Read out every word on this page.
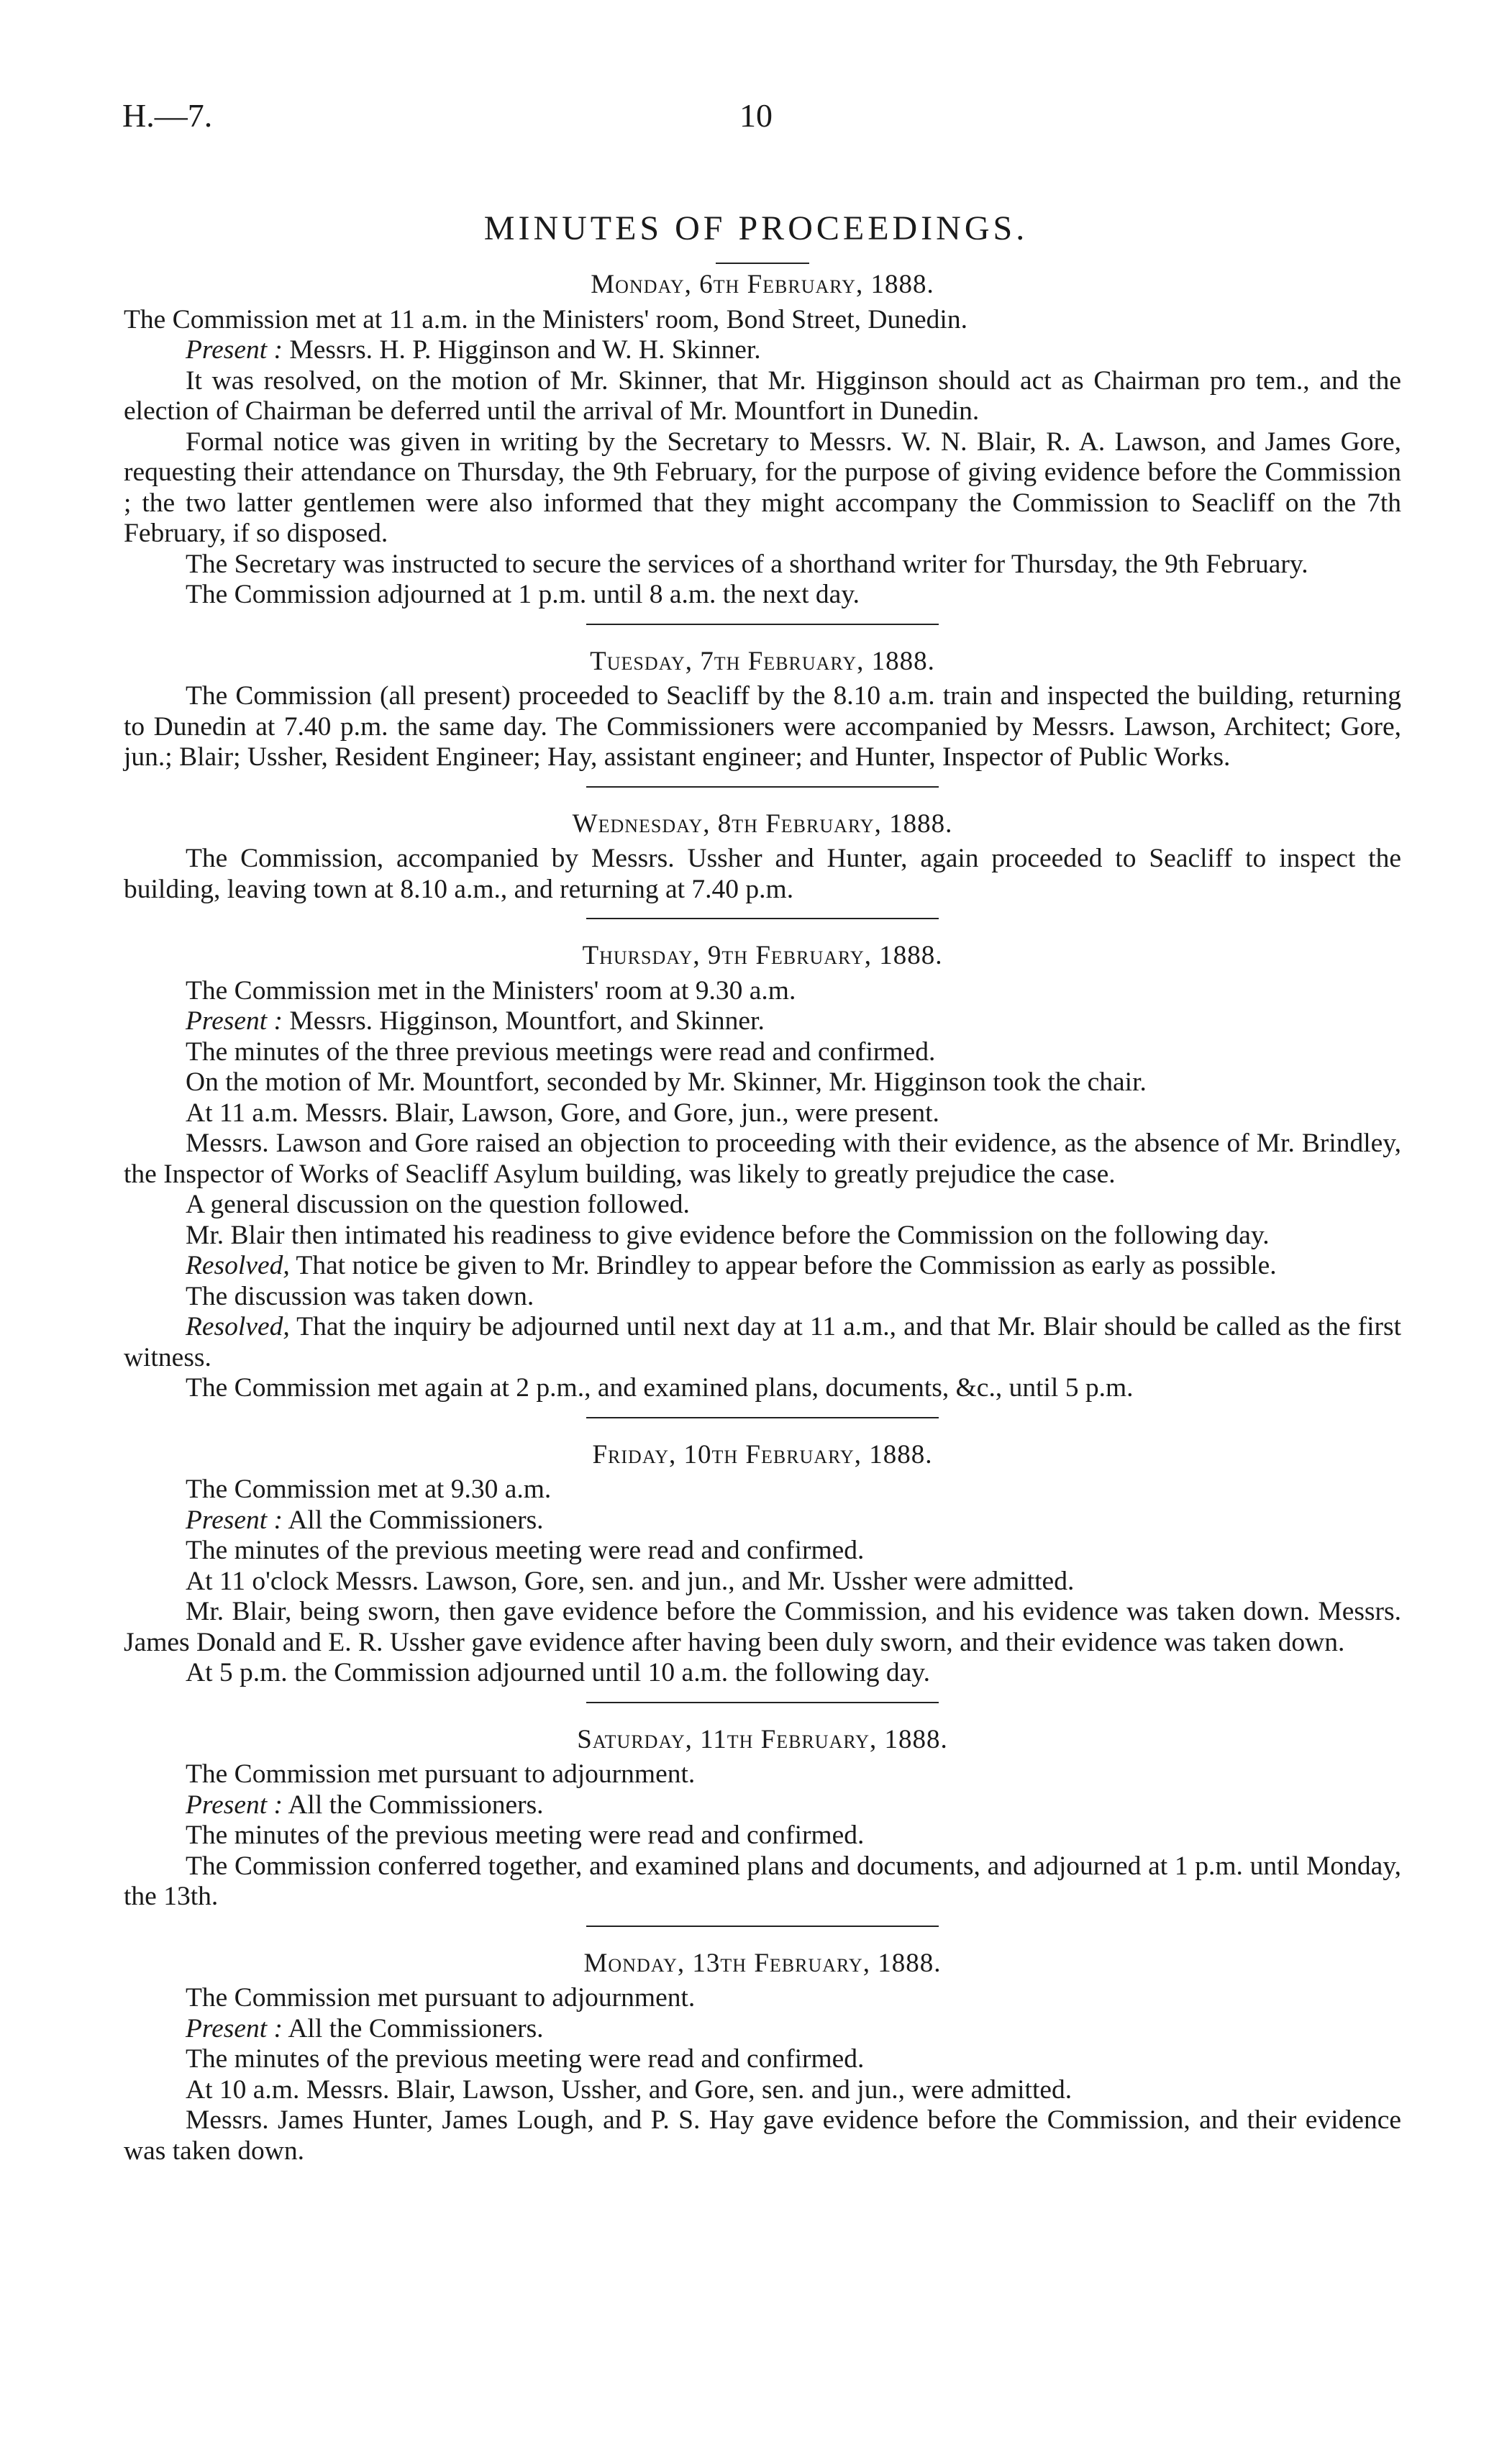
H.—7.	10
MINUTES OF PROCEEDINGS.
Monday, 6th February, 1888.

The Commission met at 11 a.m. in the Ministers' room, Bond Street, Dunedin.

Present : Messrs. H. P. Higginson and W. H. Skinner.

It was resolved, on the motion of Mr. Skinner, that Mr. Higginson should act as Chairman pro tem., and the election of Chairman be deferred until the arrival of Mr. Mountfort in Dunedin.

Formal notice was given in writing by the Secretary to Messrs. W. N. Blair, R. A. Lawson, and James Gore, requesting their attendance on Thursday, the 9th February, for the purpose of giving evidence before the Commission ; the two latter gentlemen were also informed that they might accompany the Commission to Seacliff on the 7th February, if so disposed.

The Secretary was instructed to secure the services of a shorthand writer for Thursday, the 9th February.

The Commission adjourned at 1 p.m. until 8 a.m. the next day.

Tuesday, 7th February, 1888.

The Commission (all present) proceeded to Seacliff by the 8.10 a.m. train and inspected the building, returning to Dunedin at 7.40 p.m. the same day. The Commissioners were accompanied by Messrs. Lawson, Architect; Gore, jun.; Blair; Ussher, Resident Engineer; Hay, assistant engineer; and Hunter, Inspector of Public Works.

Wednesday, 8th February, 1888.

The Commission, accompanied by Messrs. Ussher and Hunter, again proceeded to Seacliff to inspect the building, leaving town at 8.10 a.m., and returning at 7.40 p.m.

Thursday, 9th February, 1888.

The Commission met in the Ministers' room at 9.30 a.m.

Present : Messrs. Higginson, Mountfort, and Skinner.

The minutes of the three previous meetings were read and confirmed.

On the motion of Mr. Mountfort, seconded by Mr. Skinner, Mr. Higginson took the chair.

At 11 a.m. Messrs. Blair, Lawson, Gore, and Gore, jun., were present.

Messrs. Lawson and Gore raised an objection to proceeding with their evidence, as the absence of Mr. Brindley, the Inspector of Works of Seacliff Asylum building, was likely to greatly prejudice the case.

A general discussion on the question followed.

Mr. Blair then intimated his readiness to give evidence before the Commission on the following day.

Resolved, That notice be given to Mr. Brindley to appear before the Commission as early as possible.

The discussion was taken down.

Resolved, That the inquiry be adjourned until next day at 11 a.m., and that Mr. Blair should be called as the first witness.

The Commission met again at 2 p.m., and examined plans, documents, &c., until 5 p.m.

Friday, 10th February, 1888.

The Commission met at 9.30 a.m.

Present : All the Commissioners.

The minutes of the previous meeting were read and confirmed.

At 11 o'clock Messrs. Lawson, Gore, sen. and jun., and Mr. Ussher were admitted.

Mr. Blair, being sworn, then gave evidence before the Commission, and his evidence was taken down. Messrs. James Donald and E. R. Ussher gave evidence after having been duly sworn, and their evidence was taken down.

At 5 p.m. the Commission adjourned until 10 a.m. the following day.

Saturday, 11th February, 1888.

The Commission met pursuant to adjournment.

Present : All the Commissioners.

The minutes of the previous meeting were read and confirmed.

The Commission conferred together, and examined plans and documents, and adjourned at 1 p.m. until Monday, the 13th.

Monday, 13th February, 1888.

The Commission met pursuant to adjournment.

Present : All the Commissioners.

The minutes of the previous meeting were read and confirmed.

At 10 a.m. Messrs. Blair, Lawson, Ussher, and Gore, sen. and jun., were admitted.

Messrs. James Hunter, James Lough, and P. S. Hay gave evidence before the Commission, and their evidence was taken down.
